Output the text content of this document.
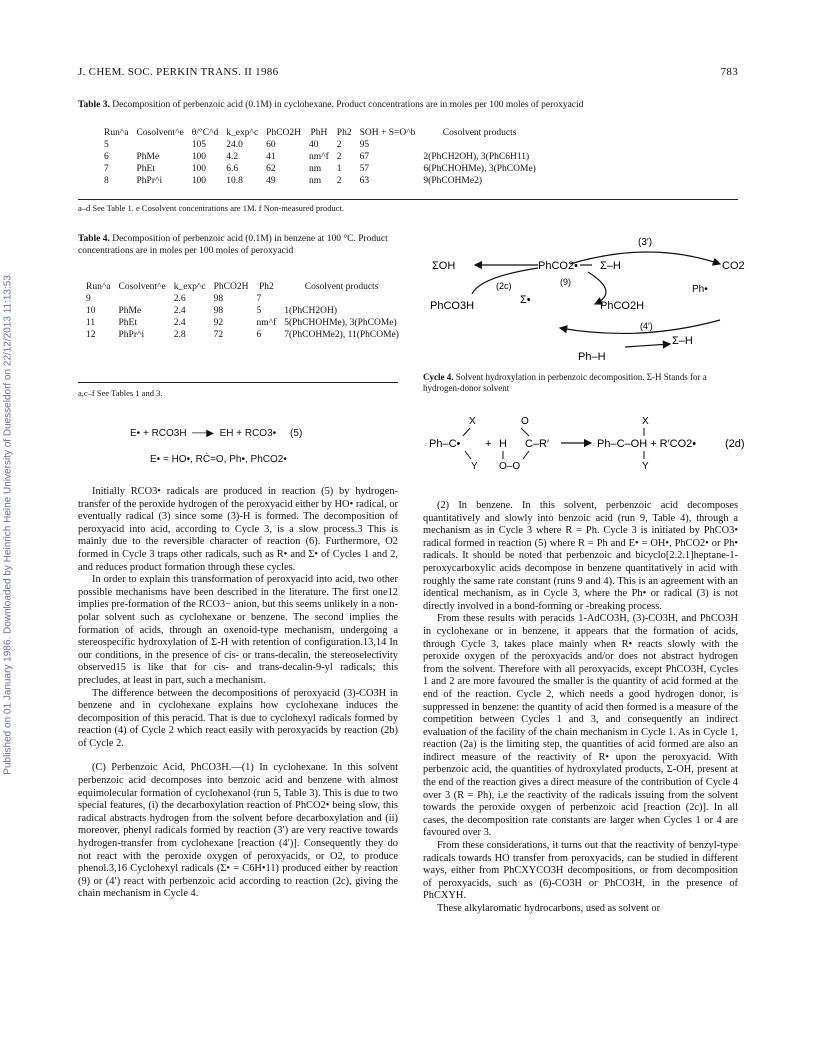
Published on 01 January 1986. Downloaded by Heinrich Heine University of Duesseldorf on 22/12/2013 11:13:53.
J. CHEM. SOC. PERKIN TRANS. II 1986	783
Table 3. Decomposition of perbenzoic acid (0.1M) in cyclohexane. Product concentrations are in moles per 100 moles of peroxyacid
Run^a	Cosolvent^e	θ/°C^d	k_exp^c	PhCO2H	PhH	Ph2	SOH + S=O^b	Cosolvent products
5		105	24.0	60	40	2	95	
6	PhMe	100	4.2	41	nm^f	2	67	2(PhCH2OH), 3(PhC6H11)
7	PhEt	100	6.6	62	nm	1	57	6(PhCHOHMe), 3(PhCOMe)
8	PhPr^i	100	10.8	49	nm	2	63	9(PhCOHMe2)
a–d See Table 1. e Cosolvent concentrations are 1M. f Non-measured product.
Table 4. Decomposition of perbenzoic acid (0.1M) in benzene at 100 °C. Product concentrations are in moles per 100 moles of peroxyacid
Run^a	Cosolvent^e	k_exp^c	PhCO2H	Ph2	Cosolvent products
9		2.6	98	7	
10	PhMe	2.4	98	5	1(PhCH2OH)
11	PhEt	2.4	92	nm^f	5(PhCHOHMe), 3(PhCOMe)
12	PhPr^i	2.8	72	6	7(PhCOHMe2), 11(PhCOMe)
a,c–f See Tables 1 and 3.
(3′)
ΣOH	PhCO2• Σ–H	CO2
Ph•
(2c)	(9)
PhCO3H	Σ•	PhCO2H
(4′)
Σ–H
Ph–H
Cycle 4. Solvent hydroxylation in perbenzoic decomposition. Σ-H Stands for a hydrogen-donor solvent
E• + RCO3H  ──▶  EH + RCO3• (5)
E• = HO•, RĊ=O, Ph•, PhCO2•
X	O	X
Ph–C• + H C–R′	Ph–C–OH + R′CO2•	(2d)
Y O–O	Y

Initially RCO3• radicals are produced in reaction (5) by hydrogen-transfer of the peroxide hydrogen of the peroxyacid either by HO• radical, or eventually radical (3) since some (3)-H is formed. The decomposition of peroxyacid into acid, according to Cycle 3, is a slow process.3 This is mainly due to the reversible character of reaction (6). Furthermore, O2 formed in Cycle 3 traps other radicals, such as R• and Σ• of Cycles 1 and 2, and reduces product formation through these cycles.

In order to explain this transformation of peroxyacid into acid, two other possible mechanisms have been described in the literature. The first one12 implies pre-formation of the RCO3− anion, but this seems unlikely in a non-polar solvent such as cyclohexane or benzene. The second implies the formation of acids, through an oxenoid-type mechanism, undergoing a stereospecific hydroxylation of Σ-H with retention of configuration.13,14 In our conditions, in the presence of cis- or trans-decalin, the stereoselectivity observed15 is like that for cis- and trans-decalin-9-yl radicals; this precludes, at least in part, such a mechanism.

The difference between the decompositions of peroxyacid (3)-CO3H in benzene and in cyclohexane explains how cyclohexane induces the decomposition of this peracid. That is due to cyclohexyl radicals formed by reaction (4) of Cycle 2 which react easily with peroxyacids by reaction (2b) of Cycle 2.

(C) Perbenzoic Acid, PhCO3H.—(1) In cyclohexane. In this solvent perbenzoic acid decomposes into benzoic acid and benzene with almost equimolecular formation of cyclohexanol (run 5, Table 3). This is due to two special features, (i) the decarboxylation reaction of PhCO2• being slow, this radical abstracts hydrogen from the solvent before decarboxylation and (ii) moreover, phenyl radicals formed by reaction (3′) are very reactive towards hydrogen-transfer from cyclohexane [reaction (4′)]. Consequently they do not react with the peroxide oxygen of peroxyacids, or O2, to produce phenol.3,16 Cyclohexyl radicals (Σ• = C6H•11) produced either by reaction (9) or (4′) react with perbenzoic acid according to reaction (2c), giving the chain mechanism in Cycle 4.

(2) In benzene. In this solvent, perbenzoic acid decomposes quantitatively and slowly into benzoic acid (run 9, Table 4), through a mechanism as in Cycle 3 where R = Ph. Cycle 3 is initiated by PhCO3• radical formed in reaction (5) where R = Ph and E• = OH•, PhCO2• or Ph• radicals. It should be noted that perbenzoic and bicyclo[2.2.1]heptane-1-peroxycarboxylic acids decompose in benzene quantitatively in acid with roughly the same rate constant (runs 9 and 4). This is an agreement with an identical mechanism, as in Cycle 3, where the Ph• or radical (3) is not directly involved in a bond-forming or -breaking process.

From these results with peracids 1-AdCO3H, (3)-CO3H, and PhCO3H in cyclohexane or in benzene, it appears that the formation of acids, through Cycle 3, takes place mainly when R• reacts slowly with the peroxide oxygen of the peroxyacids and/or does not abstract hydrogen from the solvent. Therefore with all peroxyacids, except PhCO3H, Cycles 1 and 2 are more favoured the smaller is the quantity of acid formed at the end of the reaction. Cycle 2, which needs a good hydrogen donor, is suppressed in benzene: the quantity of acid then formed is a measure of the competition between Cycles 1 and 3, and consequently an indirect evaluation of the facility of the chain mechanism in Cycle 1. As in Cycle 1, reaction (2a) is the limiting step, the quantities of acid formed are also an indirect measure of the reactivity of R• upon the peroxyacid. With perbenzoic acid, the quantities of hydroxylated products, Σ-OH, present at the end of the reaction gives a direct measure of the contribution of Cycle 4 over 3 (R = Ph), i.e the reactivity of the radicals issuing from the solvent towards the peroxide oxygen of perbenzoic acid [reaction (2c)]. In all cases, the decomposition rate constants are larger when Cycles 1 or 4 are favoured over 3.

From these considerations, it turns out that the reactivity of benzyl-type radicals towards HO transfer from peroxyacids, can be studied in different ways, either from PhCXYCO3H decompositions, or from decomposition of peroxyacids, such as (6)-CO3H or PhCO3H, in the presence of PhCXYH.

These alkylaromatic hydrocarbons, used as solvent or
